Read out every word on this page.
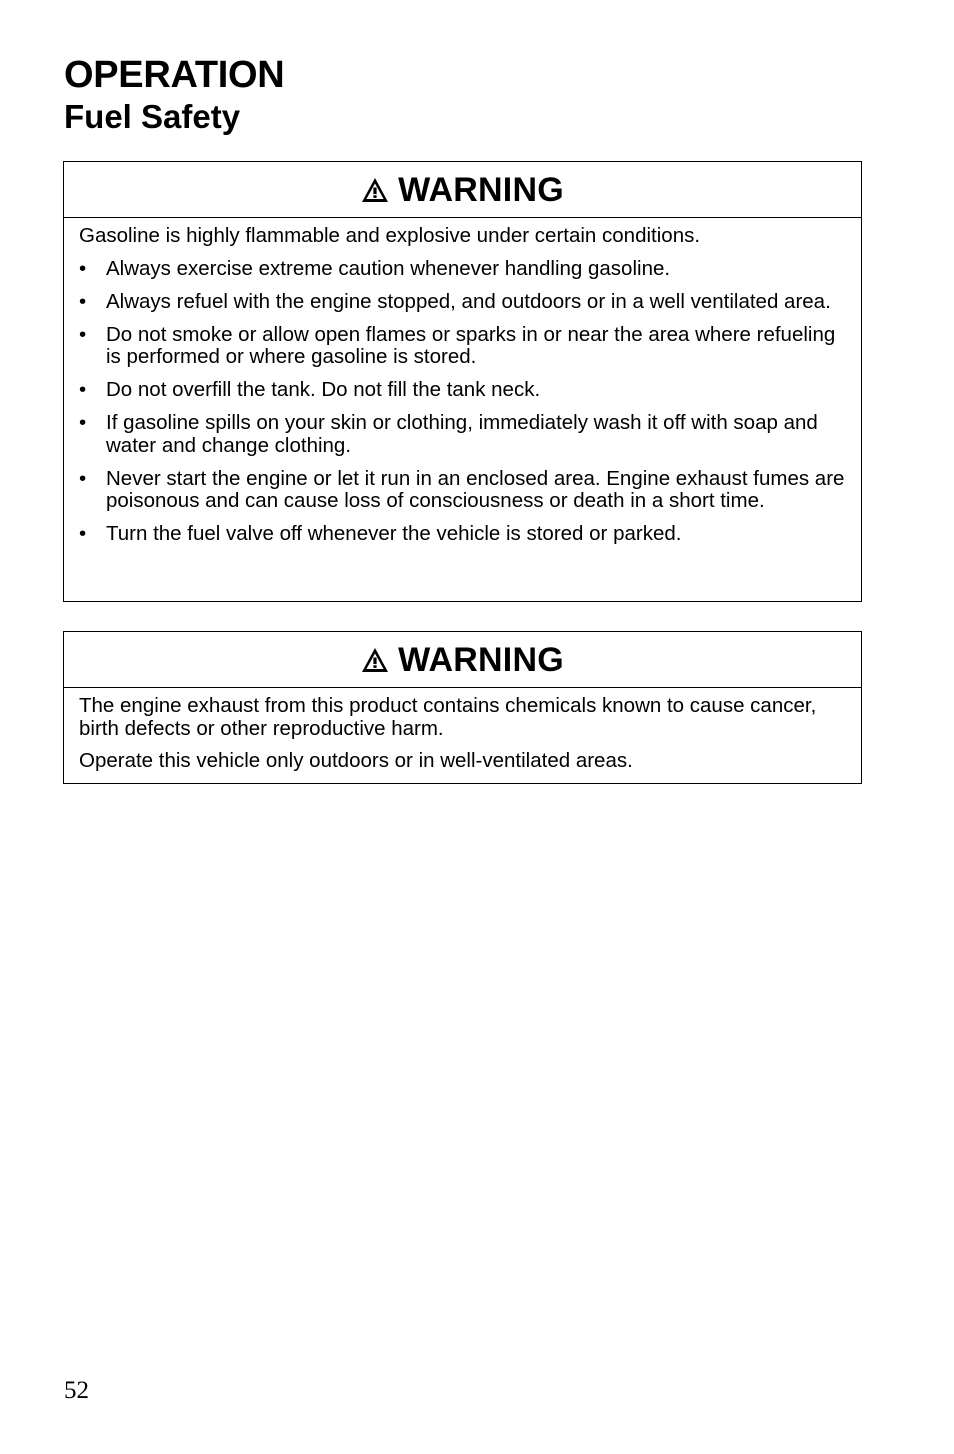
OPERATION
Fuel Safety
WARNING

Gasoline is highly flammable and explosive under certain conditions.

• Always exercise extreme caution whenever handling gasoline.
• Always refuel with the engine stopped, and outdoors or in a well ventilated area.
• Do not smoke or allow open flames or sparks in or near the area where refueling is performed or where gasoline is stored.
• Do not overfill the tank. Do not fill the tank neck.
• If gasoline spills on your skin or clothing, immediately wash it off with soap and water and change clothing.
• Never start the engine or let it run in an enclosed area. Engine exhaust fumes are poisonous and can cause loss of consciousness or death in a short time.
• Turn the fuel valve off whenever the vehicle is stored or parked.
WARNING

The engine exhaust from this product contains chemicals known to cause cancer, birth defects or other reproductive harm.

Operate this vehicle only outdoors or in well-ventilated areas.

52
